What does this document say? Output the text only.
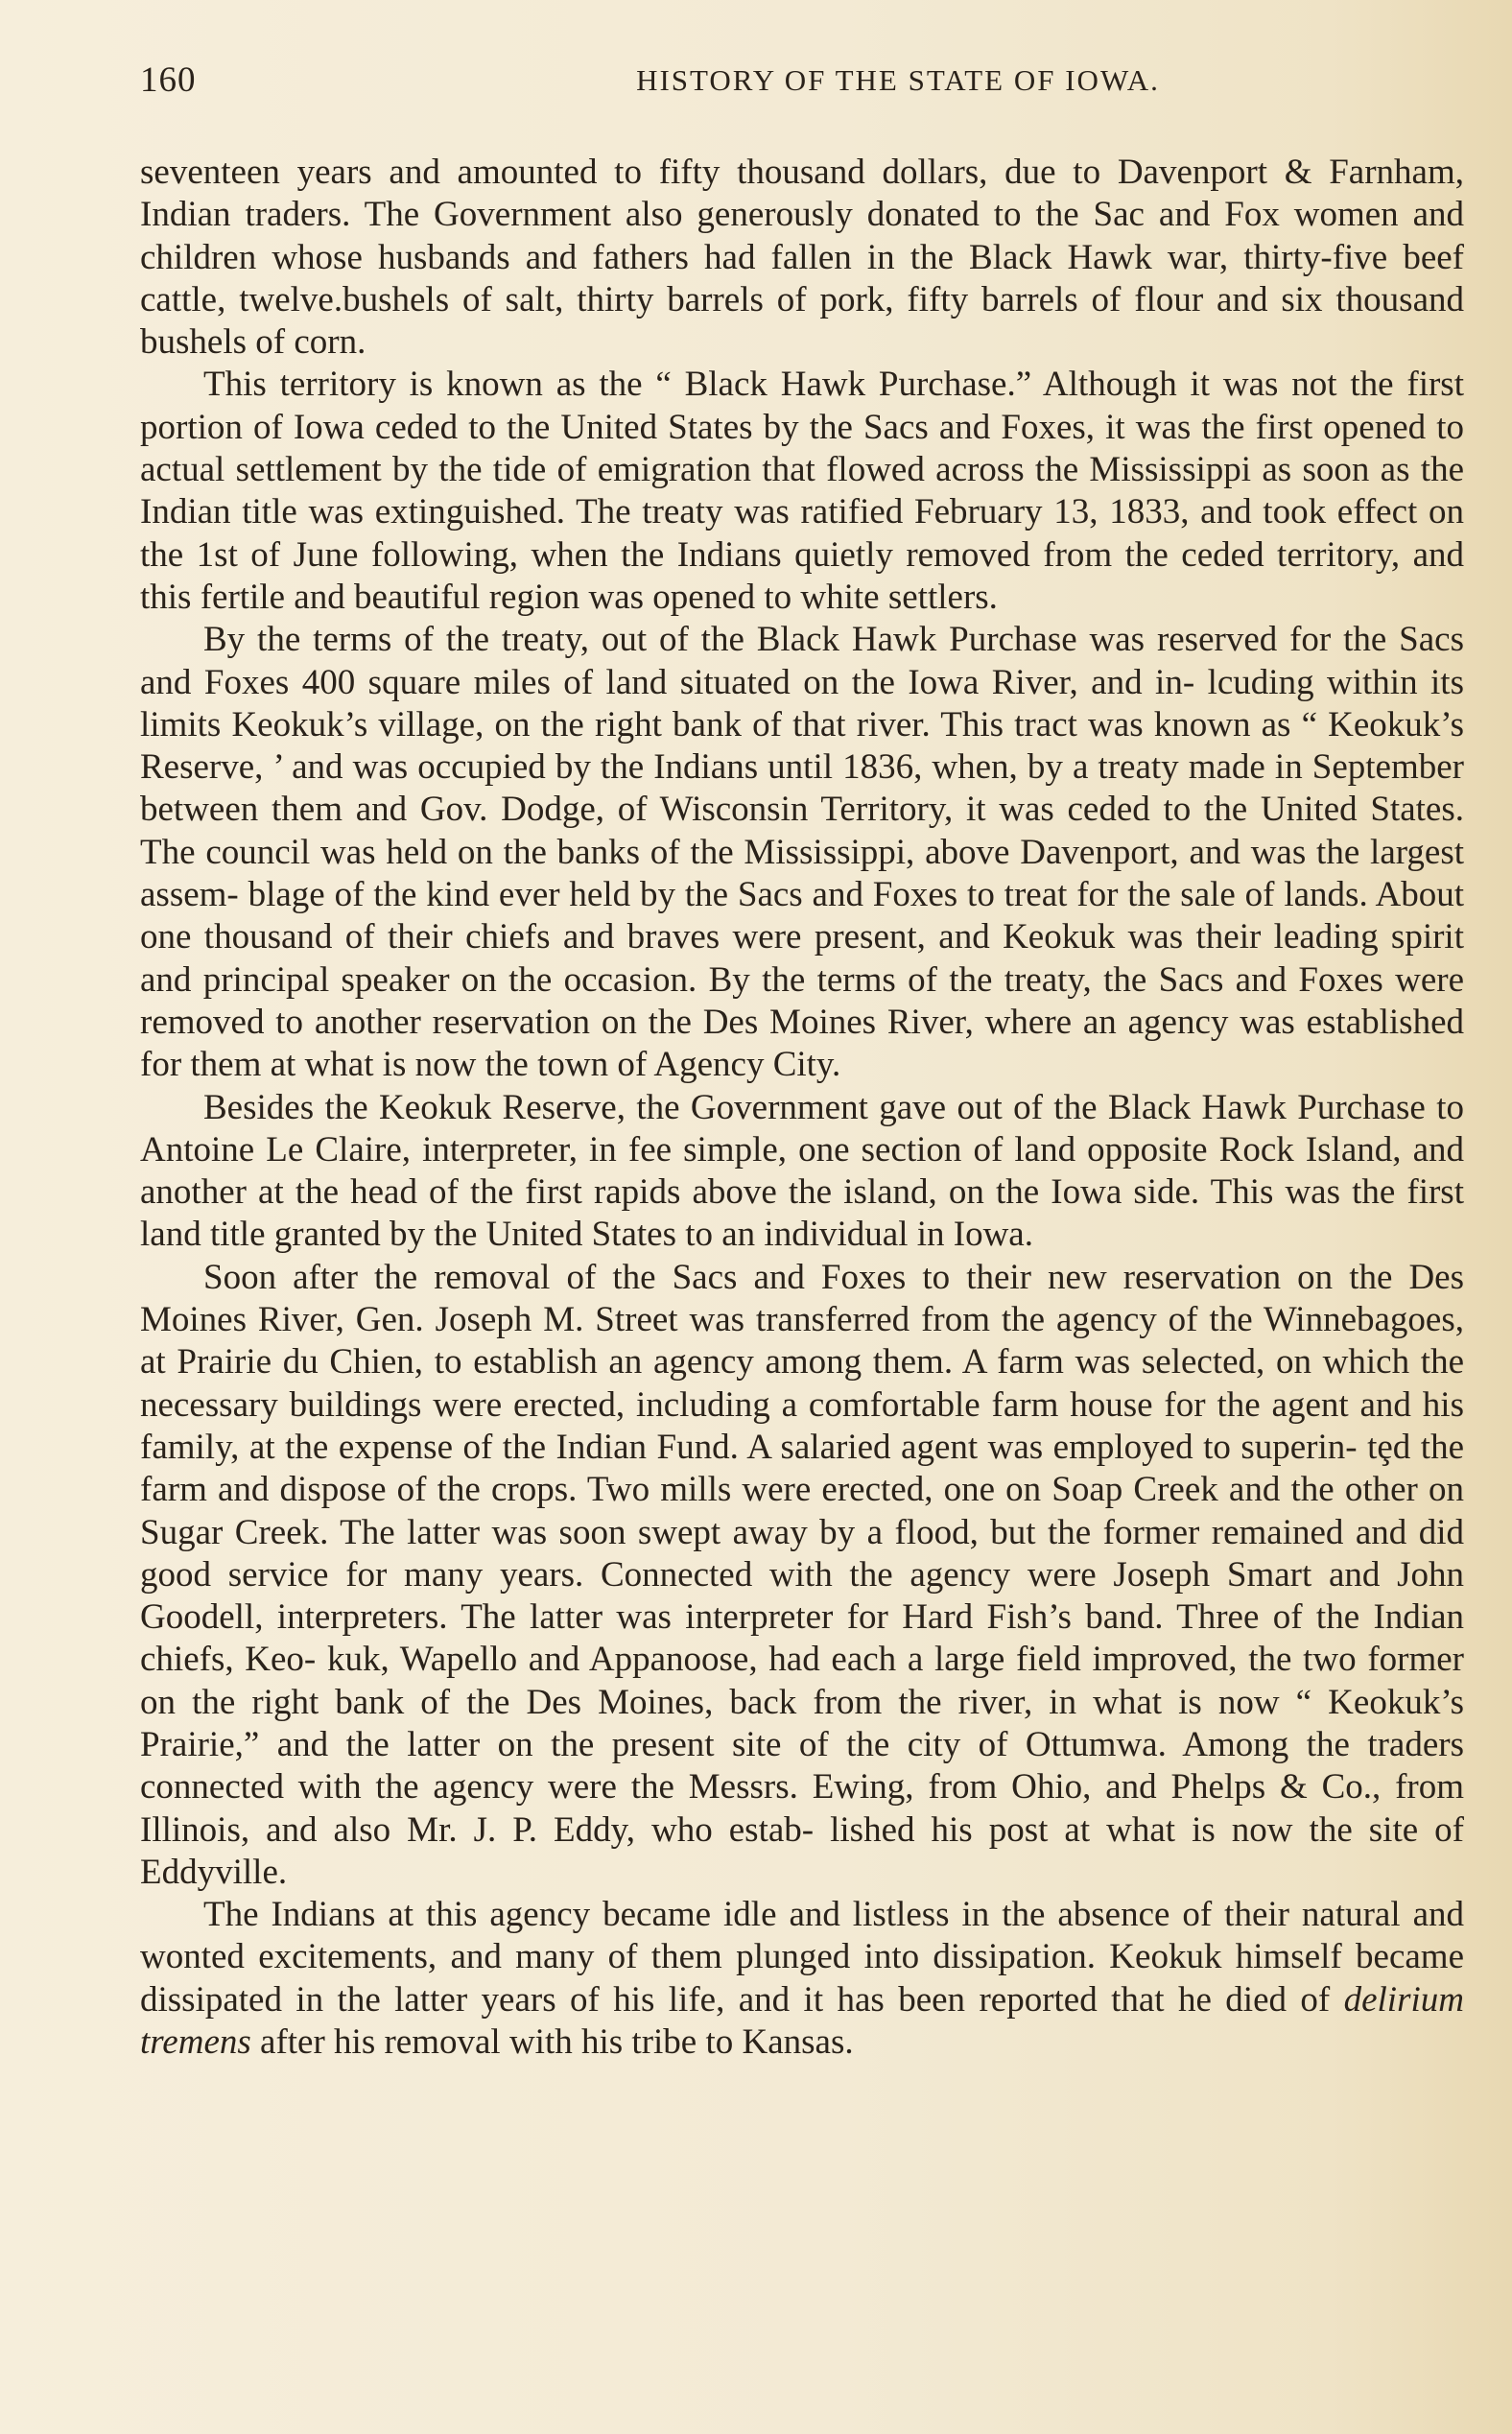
160	HISTORY OF THE STATE OF IOWA.

seventeen years and amounted to fifty thousand dollars, due to Davenport & Farnham, Indian traders. The Government also generously donated to the Sac and Fox women and children whose husbands and fathers had fallen in the Black Hawk war, thirty-five beef cattle, twelve.bushels of salt, thirty barrels of pork, fifty barrels of flour and six thousand bushels of corn.

This territory is known as the “ Black Hawk Purchase.” Although it was not the first portion of Iowa ceded to the United States by the Sacs and Foxes, it was the first opened to actual settlement by the tide of emigration that flowed across the Mississippi as soon as the Indian title was extinguished. The treaty was ratified February 13, 1833, and took effect on the 1st of June following, when the Indians quietly removed from the ceded territory, and this fertile and beautiful region was opened to white settlers.

By the terms of the treaty, out of the Black Hawk Purchase was reserved for the Sacs and Foxes 400 square miles of land situated on the Iowa River, and in- lcuding within its limits Keokuk’s village, on the right bank of that river. This tract was known as “ Keokuk’s Reserve, ’ and was occupied by the Indians until 1836, when, by a treaty made in September between them and Gov. Dodge, of Wisconsin Territory, it was ceded to the United States. The council was held on the banks of the Mississippi, above Davenport, and was the largest assem- blage of the kind ever held by the Sacs and Foxes to treat for the sale of lands. About one thousand of their chiefs and braves were present, and Keokuk was their leading spirit and principal speaker on the occasion. By the terms of the treaty, the Sacs and Foxes were removed to another reservation on the Des Moines River, where an agency was established for them at what is now the town of Agency City.

Besides the Keokuk Reserve, the Government gave out of the Black Hawk Purchase to Antoine Le Claire, interpreter, in fee simple, one section of land opposite Rock Island, and another at the head of the first rapids above the island, on the Iowa side. This was the first land title granted by the United States to an individual in Iowa.

Soon after the removal of the Sacs and Foxes to their new reservation on the Des Moines River, Gen. Joseph M. Street was transferred from the agency of the Winnebagoes, at Prairie du Chien, to establish an agency among them. A farm was selected, on which the necessary buildings were erected, including a comfortable farm house for the agent and his family, at the expense of the Indian Fund. A salaried agent was employed to superin- tȩd the farm and dispose of the crops. Two mills were erected, one on Soap Creek and the other on Sugar Creek. The latter was soon swept away by a flood, but the former remained and did good service for many years. Connected with the agency were Joseph Smart and John Goodell, interpreters. The latter was interpreter for Hard Fish’s band. Three of the Indian chiefs, Keo- kuk, Wapello and Appanoose, had each a large field improved, the two former on the right bank of the Des Moines, back from the river, in what is now “ Keokuk’s Prairie,” and the latter on the present site of the city of Ottumwa. Among the traders connected with the agency were the Messrs. Ewing, from Ohio, and Phelps & Co., from Illinois, and also Mr. J. P. Eddy, who estab- lished his post at what is now the site of Eddyville.

The Indians at this agency became idle and listless in the absence of their natural and wonted excitements, and many of them plunged into dissipation. Keokuk himself became dissipated in the latter years of his life, and it has been reported that he died of delirium tremens after his removal with his tribe to Kansas.
